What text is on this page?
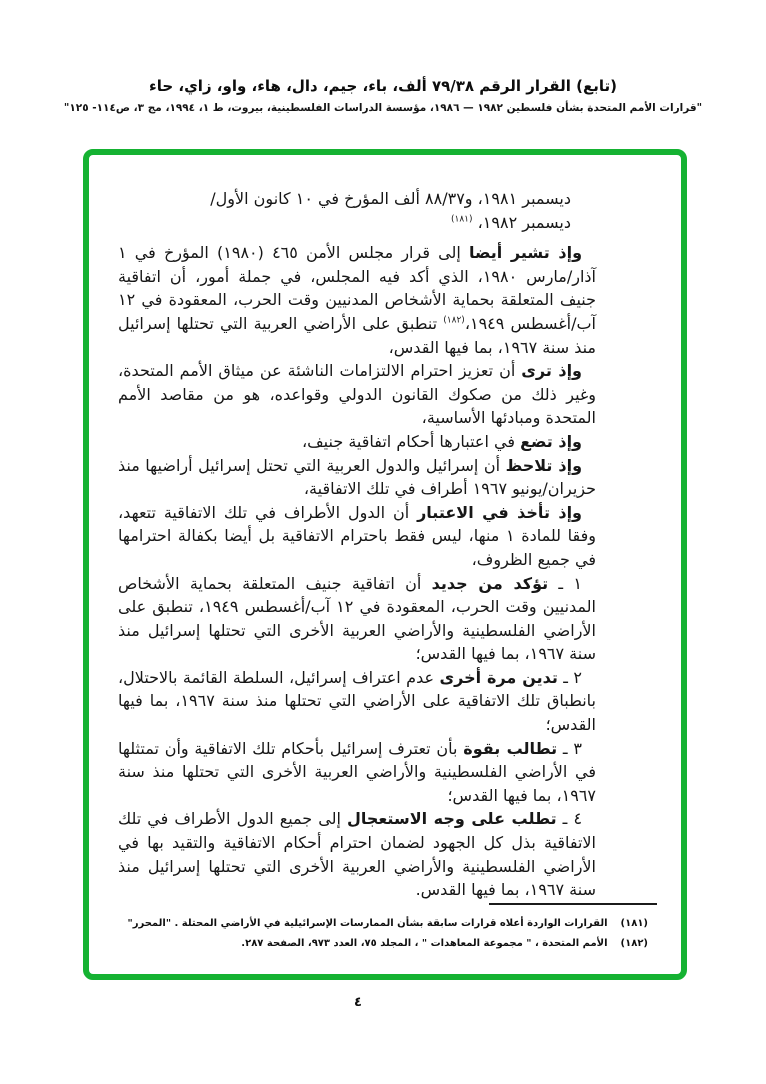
(تابع) القرار الرقم ٧٩/٣٨ ألف، باء، جيم، دال، هاء، واو، زاي، حاء
"قرارات الأمم المتحدة بشأن فلسطين ١٩٨٢ — ١٩٨٦، مؤسسة الدراسات الفلسطينية، بيروت، ط ١، ١٩٩٤، مج ٣، ص١١٤- ١٢٥"

ديسمبر ١٩٨١، و٨٨/٣٧ ألف المؤرخ في ١٠ كانون الأول/
ديسمبر ١٩٨٢، $^{(١٨١)}$

وإذ تشير أيضا إلى قرار مجلس الأمن ٤٦٥ (١٩٨٠) المؤرخ في ١ آذار/مارس ١٩٨٠، الذي أكد فيه المجلس، في جملة أمور، أن اتفاقية جنيف المتعلقة بحماية الأشخاص المدنيين وقت الحرب، المعقودة في ١٢ آب/أغسطس ١٩٤٩،$^{(١٨٢)}$ تنطبق على الأراضي العربية التي تحتلها إسرائيل منذ سنة ١٩٦٧، بما فيها القدس،

وإذ ترى أن تعزيز احترام الالتزامات الناشئة عن ميثاق الأمم المتحدة، وغير ذلك من صكوك القانون الدولي وقواعده، هو من مقاصد الأمم المتحدة ومبادئها الأساسية،

وإذ تضع في اعتبارها أحكام اتفاقية جنيف،

وإذ تلاحظ أن إسرائيل والدول العربية التي تحتل إسرائيل أراضيها منذ حزيران/يونيو ١٩٦٧ أطراف في تلك الاتفاقية،

وإذ تأخذ في الاعتبار أن الدول الأطراف في تلك الاتفاقية تتعهد، وفقا للمادة ١ منها، ليس فقط باحترام الاتفاقية بل أيضا بكفالة احترامها في جميع الظروف،

١ ـ تؤكد من جديد أن اتفاقية جنيف المتعلقة بحماية الأشخاص المدنيين وقت الحرب، المعقودة في ١٢ آب/أغسطس ١٩٤٩، تنطبق على الأراضي الفلسطينية والأراضي العربية الأخرى التي تحتلها إسرائيل منذ سنة ١٩٦٧، بما فيها القدس؛

٢ ـ تدين مرة أخرى عدم اعتراف إسرائيل، السلطة القائمة بالاحتلال، بانطباق تلك الاتفاقية على الأراضي التي تحتلها منذ سنة ١٩٦٧، بما فيها القدس؛

٣ ـ تطالب بقوة بأن تعترف إسرائيل بأحكام تلك الاتفاقية وأن تمتثلها في الأراضي الفلسطينية والأراضي العربية الأخرى التي تحتلها منذ سنة ١٩٦٧، بما فيها القدس؛

٤ ـ تطلب على وجه الاستعجال إلى جميع الدول الأطراف في تلك الاتفاقية بذل كل الجهود لضمان احترام أحكام الاتفاقية والتقيد بها في الأراضي الفلسطينية والأراضي العربية الأخرى التي تحتلها إسرائيل منذ سنة ١٩٦٧، بما فيها القدس.

(١٨١)القرارات الواردة أعلاه قرارات سابقة بشأن الممارسات الإسرائيلية في الأراضي المحتلة . "المحرر"
(١٨٢)الأمم المتحدة ، " مجموعة المعاهدات " ، المجلد ٧٥، العدد ٩٧٣، الصفحة ٢٨٧.
٤
